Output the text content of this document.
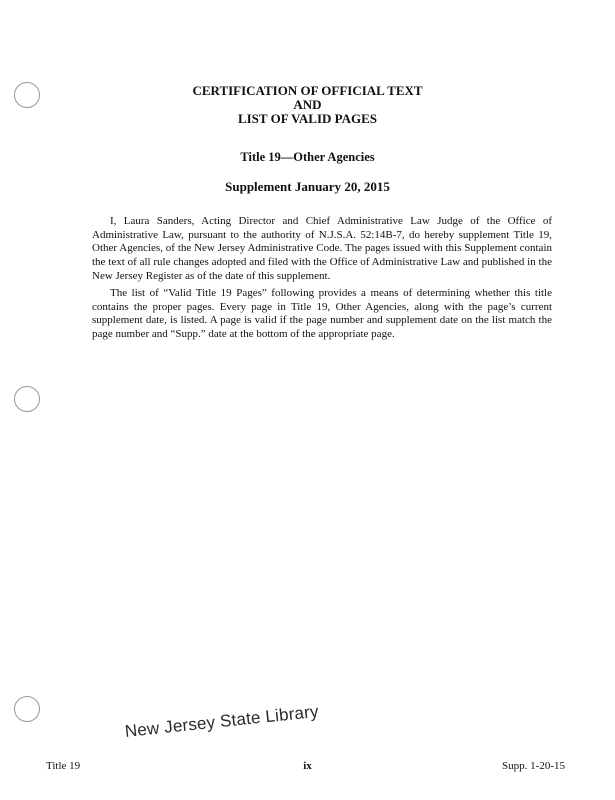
CERTIFICATION OF OFFICIAL TEXT
AND
LIST OF VALID PAGES
Title 19—Other Agencies
Supplement January 20, 2015
I, Laura Sanders, Acting Director and Chief Administrative Law Judge of the Office of Administrative Law, pursuant to the authority of N.J.S.A. 52:14B-7, do hereby supplement Title 19, Other Agencies, of the New Jersey Administrative Code. The pages issued with this Supplement contain the text of all rule changes adopted and filed with the Office of Administrative Law and published in the New Jersey Register as of the date of this supplement.
The list of “Valid Title 19 Pages” following provides a means of determining whether this title contains the proper pages. Every page in Title 19, Other Agencies, along with the page’s current supplement date, is listed. A page is valid if the page number and supplement date on the list match the page number and “Supp.” date at the bottom of the appropriate page.
New Jersey State Library
Title 19	ix	Supp. 1-20-15
